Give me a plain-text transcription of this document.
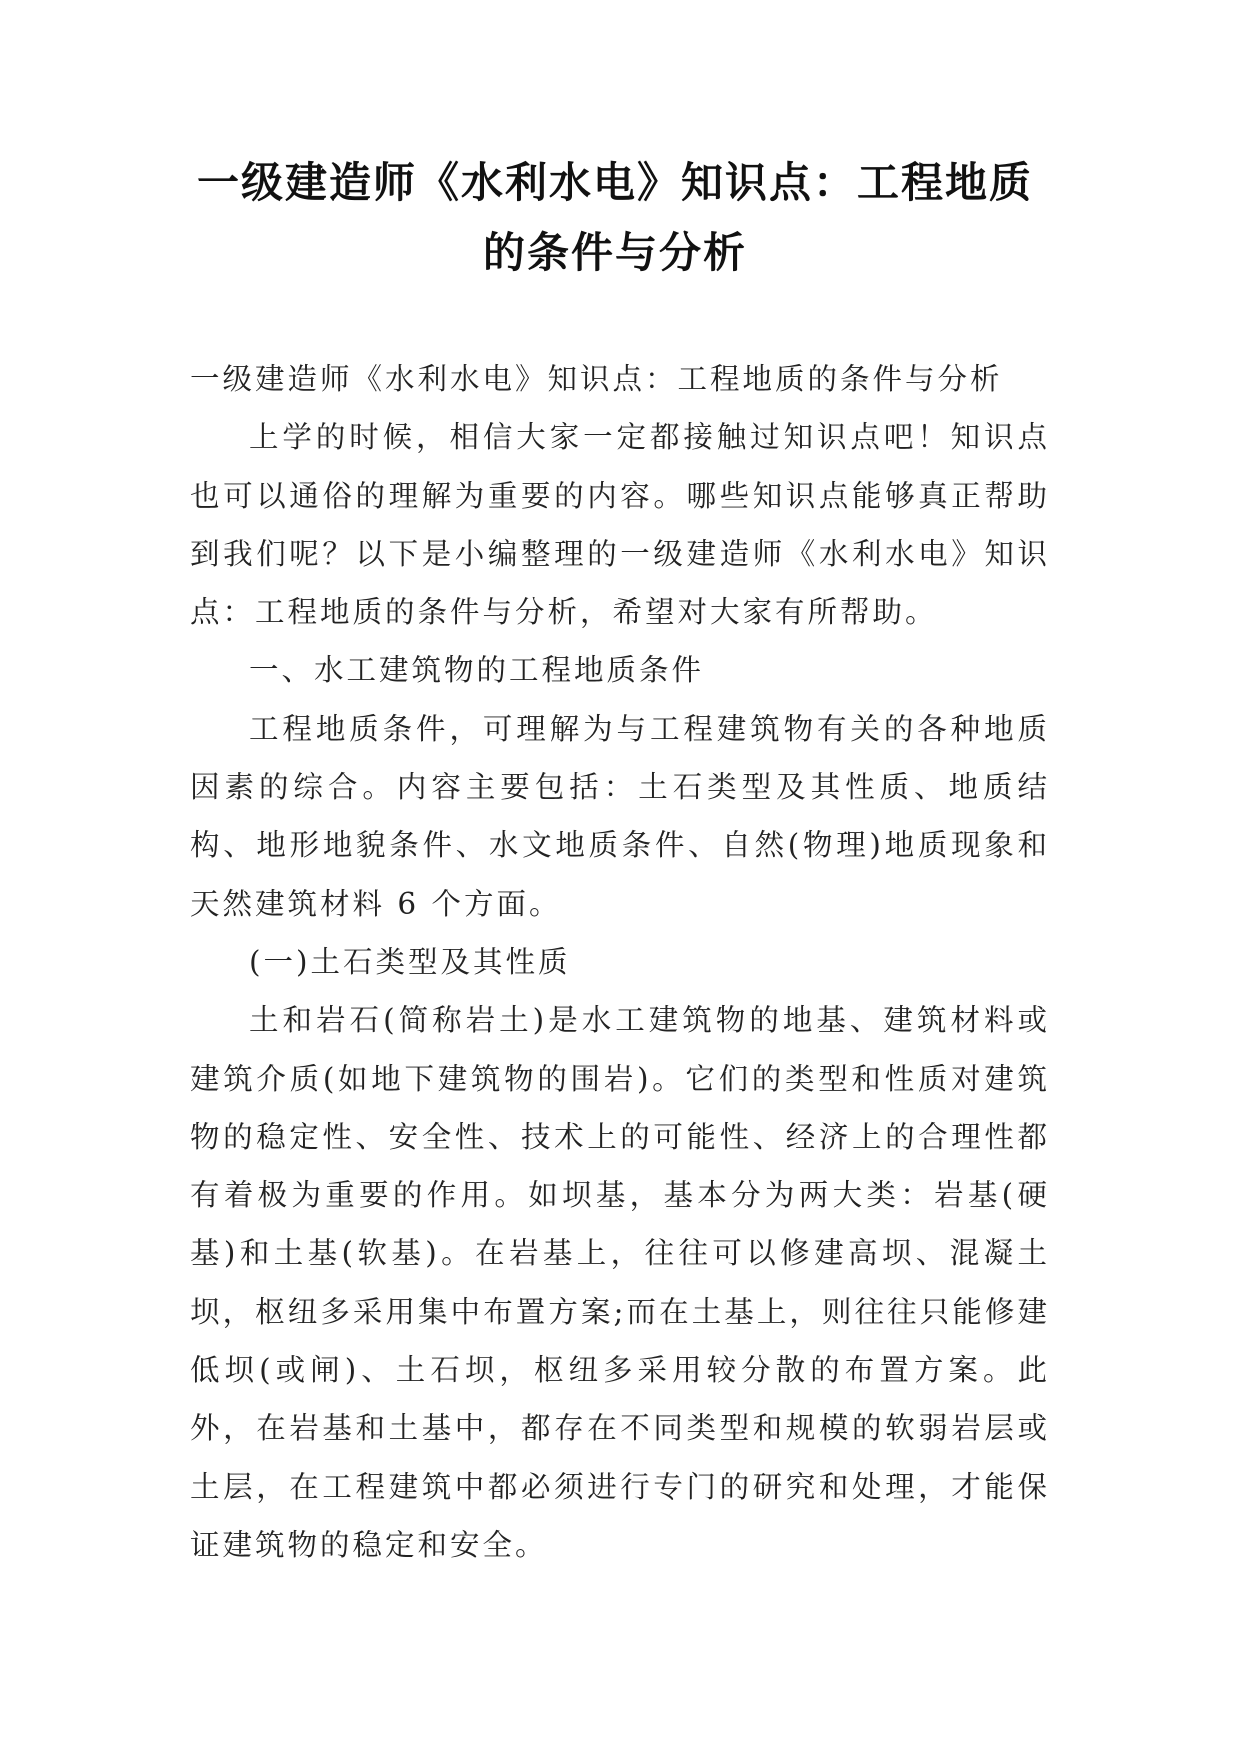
一级建造师《水利水电》知识点：工程地质
的条件与分析

一级建造师《水利水电》知识点：工程地质的条件与分析

上学的时候，相信大家一定都接触过知识点吧！知识点也可以通俗的理解为重要的内容。哪些知识点能够真正帮助到我们呢？以下是小编整理的一级建造师《水利水电》知识点：工程地质的条件与分析，希望对大家有所帮助。

一、水工建筑物的工程地质条件

工程地质条件，可理解为与工程建筑物有关的各种地质因素的综合。内容主要包括：土石类型及其性质、地质结构、地形地貌条件、水文地质条件、自然(物理)地质现象和天然建筑材料 6 个方面。

(一)土石类型及其性质

土和岩石(简称岩土)是水工建筑物的地基、建筑材料或建筑介质(如地下建筑物的围岩)。它们的类型和性质对建筑物的稳定性、安全性、技术上的可能性、经济上的合理性都有着极为重要的作用。如坝基，基本分为两大类：岩基(硬基)和土基(软基)。在岩基上，往往可以修建高坝、混凝土坝，枢纽多采用集中布置方案;而在土基上，则往往只能修建低坝(或闸)、土石坝，枢纽多采用较分散的布置方案。此外，在岩基和土基中，都存在不同类型和规模的软弱岩层或土层，在工程建筑中都必须进行专门的研究和处理，才能保证建筑物的稳定和安全。
